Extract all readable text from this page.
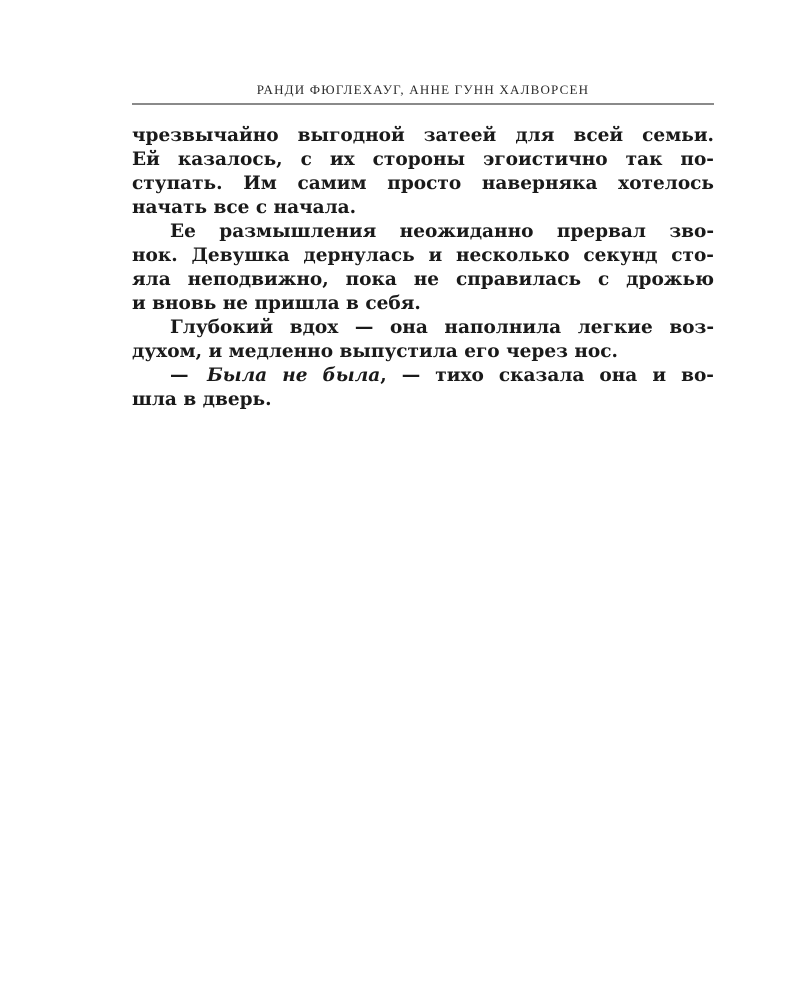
РАНДИ ФЮГЛЕХАУГ, АННЕ ГУНН ХАЛВОРСЕН
чрезвычайно выгодной затеей для всей семьи.
Ей казалось, с их стороны эгоистично так по-
ступать. Им самим просто наверняка хотелось
начать все с начала.
Ее размышления неожиданно прервал зво-
нок. Девушка дернулась и несколько секунд сто-
яла неподвижно, пока не справилась с дрожью
и вновь не пришла в себя.
Глубокий вдох — она наполнила легкие воз-
духом, и медленно выпустила его через нос.
—  Была не была, — тихо сказала она и во-
шла в дверь.
